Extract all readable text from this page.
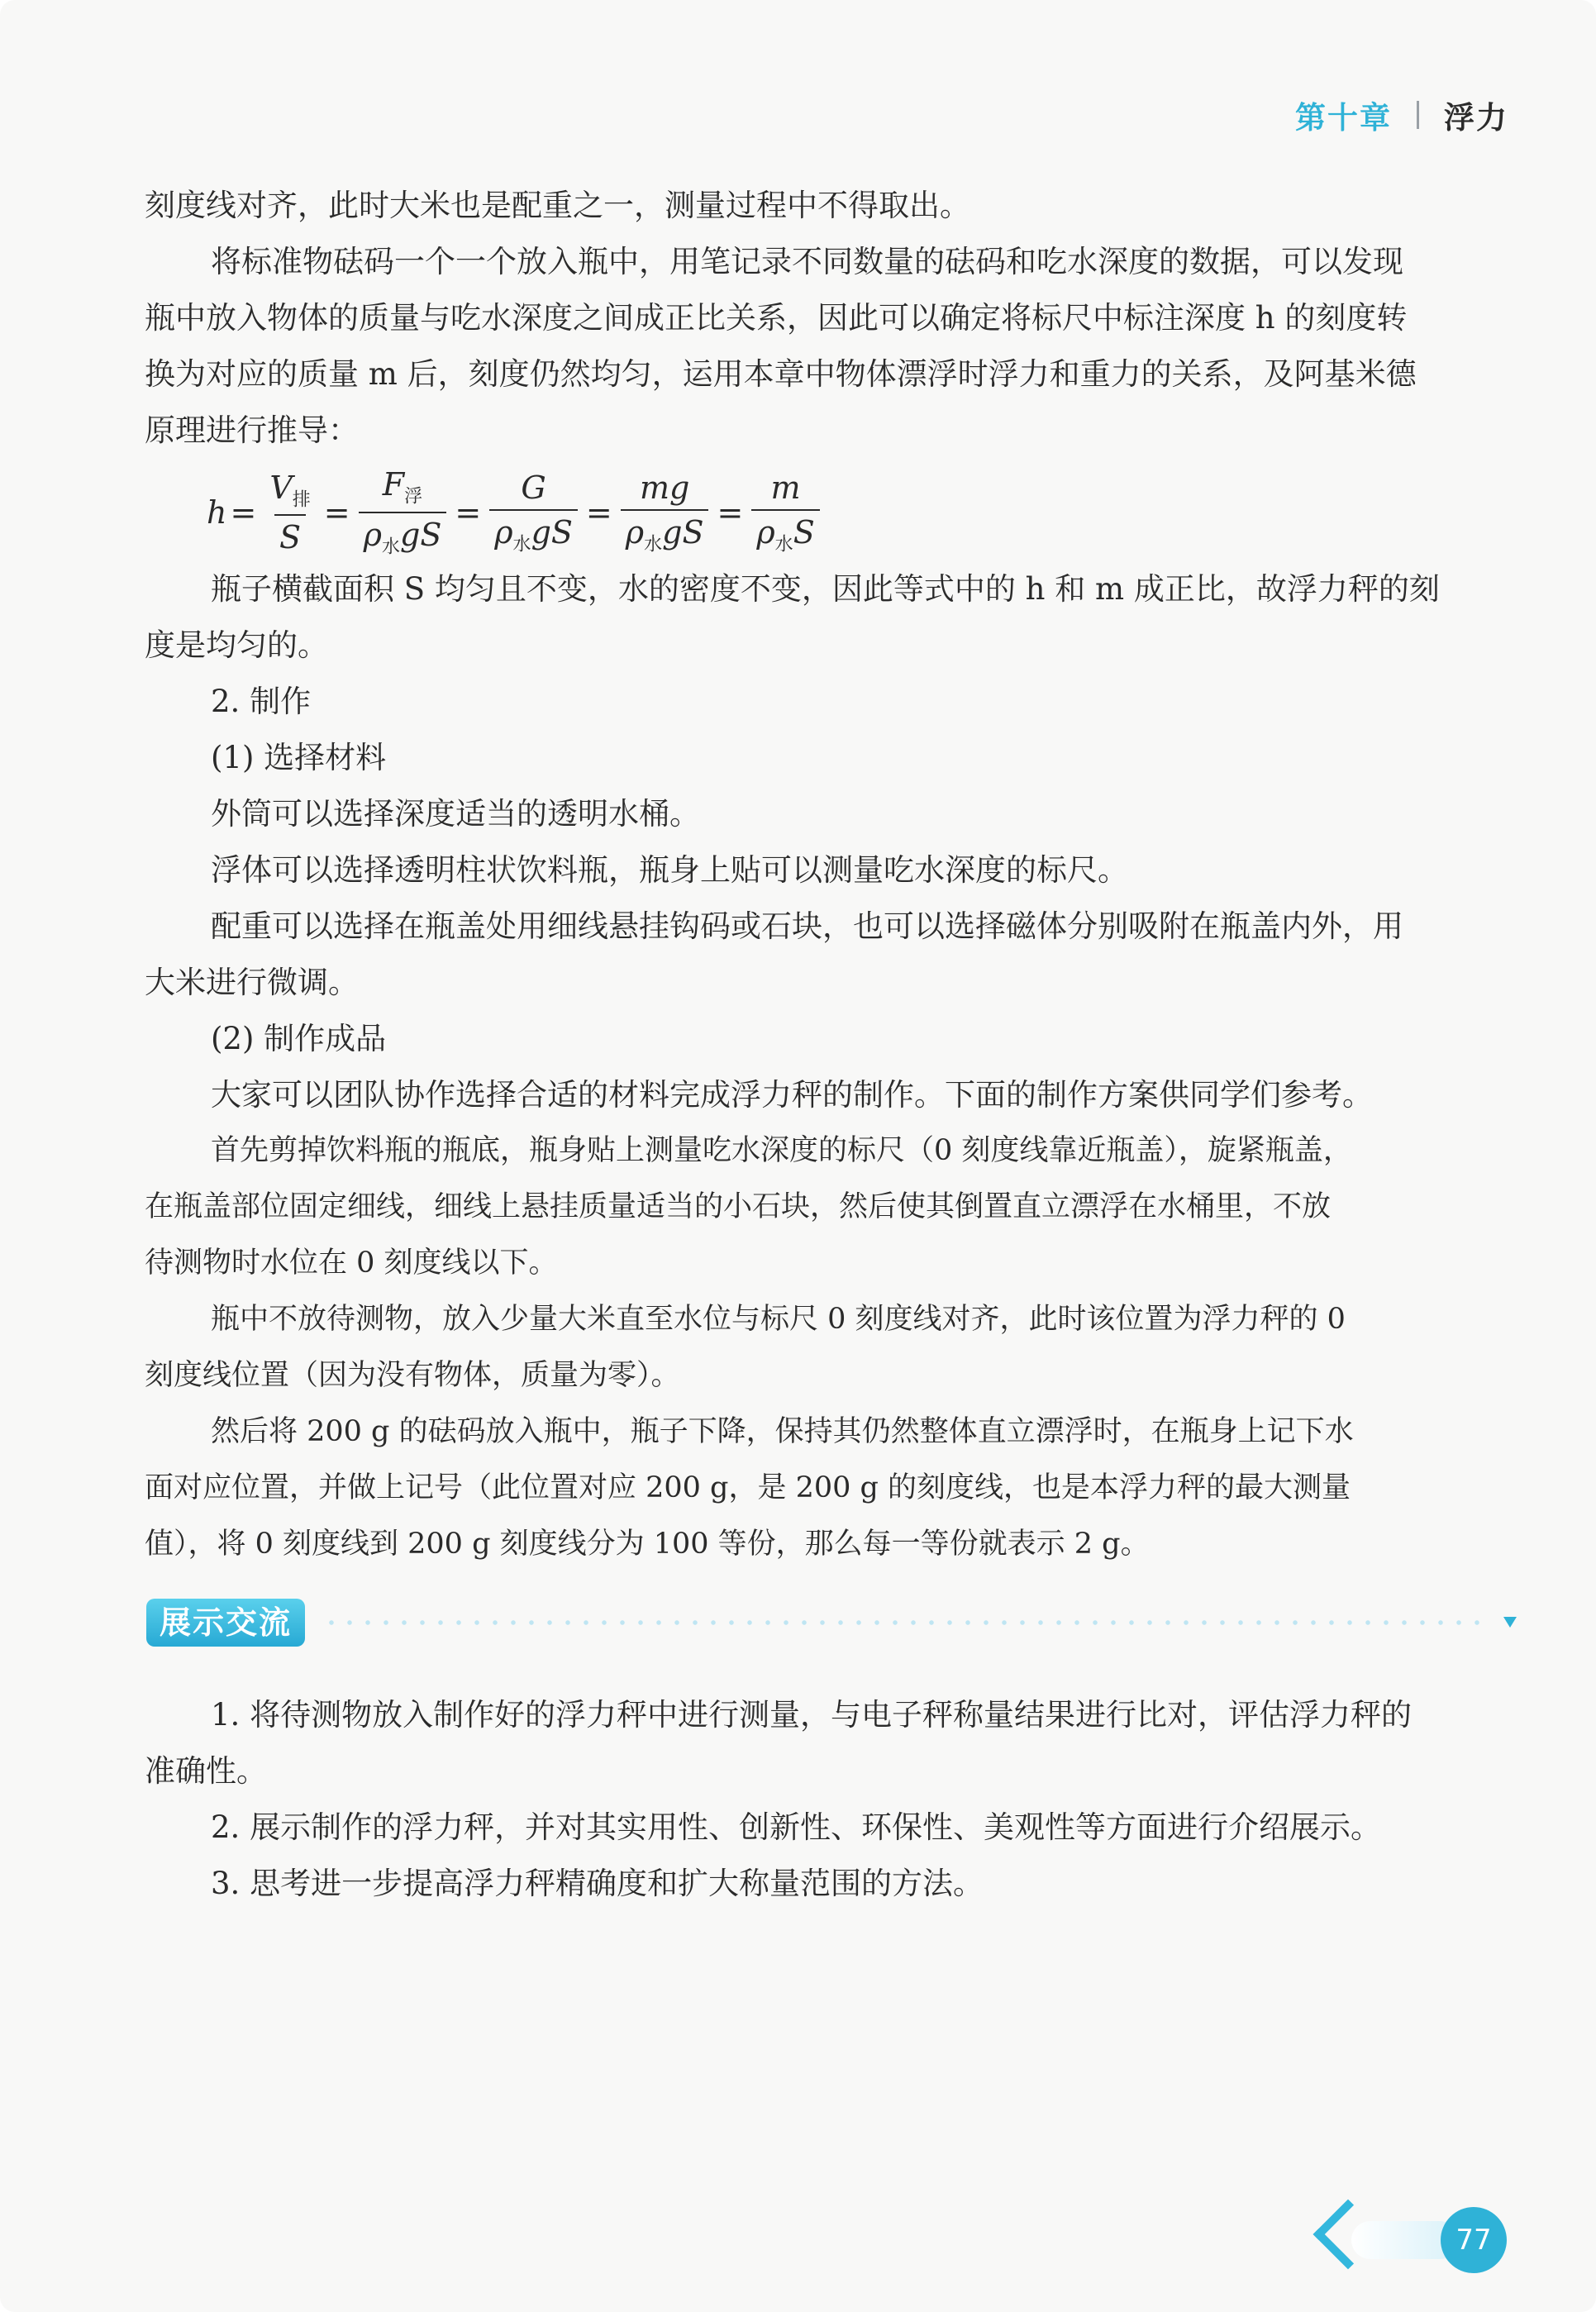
第十章 浮力
刻度线对齐，此时大米也是配重之一，测量过程中不得取出。
将标准物砝码一个一个放入瓶中，用笔记录不同数量的砝码和吃水深度的数据，可以发现
瓶中放入物体的质量与吃水深度之间成正比关系，因此可以确定将标尺中标注深度 h 的刻度转
换为对应的质量 m 后，刻度仍然均匀，运用本章中物体漂浮时浮力和重力的关系，及阿基米德
原理进行推导：
$h = \frac{V_排}{S} = \frac{F_浮}{\rho_水gS} = \frac{G}{\rho_水gS} = \frac{mg}{\rho_水gS} = \frac{m}{\rho_水S}$
瓶子横截面积 S 均匀且不变，水的密度不变，因此等式中的 h 和 m 成正比，故浮力秤的刻
度是均匀的。
2. 制作
(1) 选择材料
外筒可以选择深度适当的透明水桶。
浮体可以选择透明柱状饮料瓶，瓶身上贴可以测量吃水深度的标尺。
配重可以选择在瓶盖处用细线悬挂钩码或石块，也可以选择磁体分别吸附在瓶盖内外，用
大米进行微调。
(2) 制作成品
大家可以团队协作选择合适的材料完成浮力秤的制作。下面的制作方案供同学们参考。
首先剪掉饮料瓶的瓶底，瓶身贴上测量吃水深度的标尺（0 刻度线靠近瓶盖），旋紧瓶盖，
在瓶盖部位固定细线，细线上悬挂质量适当的小石块，然后使其倒置直立漂浮在水桶里，不放
待测物时水位在 0 刻度线以下。
瓶中不放待测物，放入少量大米直至水位与标尺 0 刻度线对齐，此时该位置为浮力秤的 0
刻度线位置（因为没有物体，质量为零）。
然后将 200 g 的砝码放入瓶中，瓶子下降，保持其仍然整体直立漂浮时，在瓶身上记下水
面对应位置，并做上记号（此位置对应 200 g，是 200 g 的刻度线，也是本浮力秤的最大测量
值），将 0 刻度线到 200 g 刻度线分为 100 等份，那么每一等份就表示 2 g。
展示交流
1. 将待测物放入制作好的浮力秤中进行测量，与电子秤称量结果进行比对，评估浮力秤的
准确性。
2. 展示制作的浮力秤，并对其实用性、创新性、环保性、美观性等方面进行介绍展示。
3. 思考进一步提高浮力秤精确度和扩大称量范围的方法。
77
